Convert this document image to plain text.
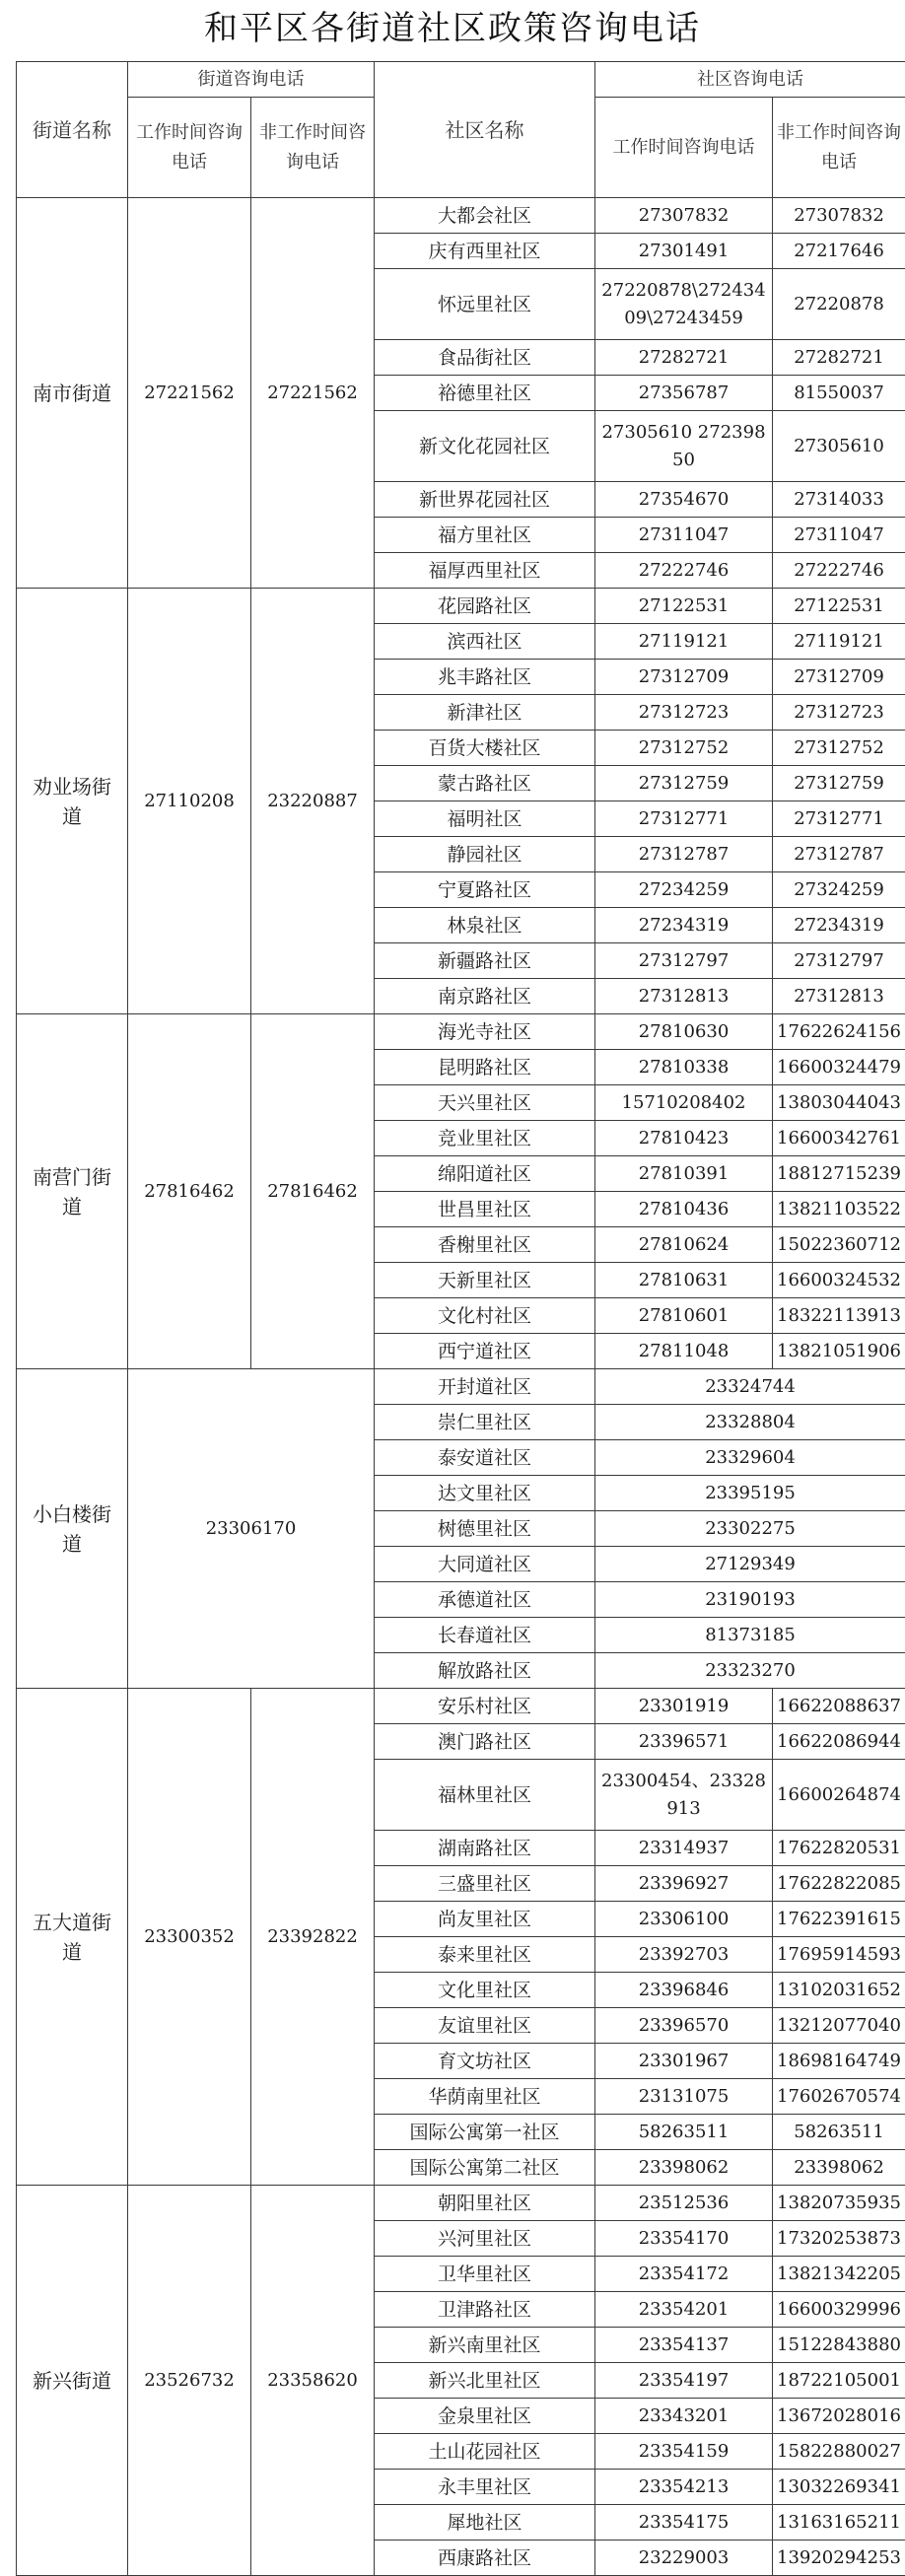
和平区各街道社区政策咨询电话
街道名称	街道咨询电话		社区名称	社区咨询电话	
	工作时间咨询电话	非工作时间咨询电话		工作时间咨询电话	非工作时间咨询电话
南市街道	27221562	27221562	大都会社区	27307832	27307832
			庆有西里社区	27301491	27217646
			怀远里社区	27220878\27243409\27243459	27220878
			食品街社区	27282721	27282721
			裕德里社区	27356787	81550037
			新文化花园社区	27305610 27239850	27305610
			新世界花园社区	27354670	27314033
			福方里社区	27311047	27311047
			福厚西里社区	27222746	27222746
劝业场街道	27110208	23220887	花园路社区	27122531	27122531
			滨西社区	27119121	27119121
			兆丰路社区	27312709	27312709
			新津社区	27312723	27312723
			百货大楼社区	27312752	27312752
			蒙古路社区	27312759	27312759
			福明社区	27312771	27312771
			静园社区	27312787	27312787
			宁夏路社区	27234259	27324259
			林泉社区	27234319	27234319
			新疆路社区	27312797	27312797
			南京路社区	27312813	27312813
南营门街道	27816462	27816462	海光寺社区	27810630	17622624156
			昆明路社区	27810338	16600324479
			天兴里社区	15710208402	13803044043
			竞业里社区	27810423	16600342761
			绵阳道社区	27810391	18812715239
			世昌里社区	27810436	13821103522
			香榭里社区	27810624	15022360712
			天新里社区	27810631	16600324532
			文化村社区	27810601	18322113913
			西宁道社区	27811048	13821051906
小白楼街道	23306170		开封道社区	23324744	
			崇仁里社区	23328804	
			泰安道社区	23329604	
			达文里社区	23395195	
			树德里社区	23302275	
			大同道社区	27129349	
			承德道社区	23190193	
			长春道社区	81373185	
			解放路社区	23323270	
五大道街道	23300352	23392822	安乐村社区	23301919	16622088637
			澳门路社区	23396571	16622086944
			福林里社区	23300454、23328913	16600264874
			湖南路社区	23314937	17622820531
			三盛里社区	23396927	17622822085
			尚友里社区	23306100	17622391615
			泰来里社区	23392703	17695914593
			文化里社区	23396846	13102031652
			友谊里社区	23396570	13212077040
			育文坊社区	23301967	18698164749
			华荫南里社区	23131075	17602670574
			国际公寓第一社区	58263511	58263511
			国际公寓第二社区	23398062	23398062
新兴街道	23526732	23358620	朝阳里社区	23512536	13820735935
			兴河里社区	23354170	17320253873
			卫华里社区	23354172	13821342205
			卫津路社区	23354201	16600329996
			新兴南里社区	23354137	15122843880
			新兴北里社区	23354197	18722105001
			金泉里社区	23343201	13672028016
			土山花园社区	23354159	15822880027
			永丰里社区	23354213	13032269341
			犀地社区	23354175	13163165211
			西康路社区	23229003	13920294253
